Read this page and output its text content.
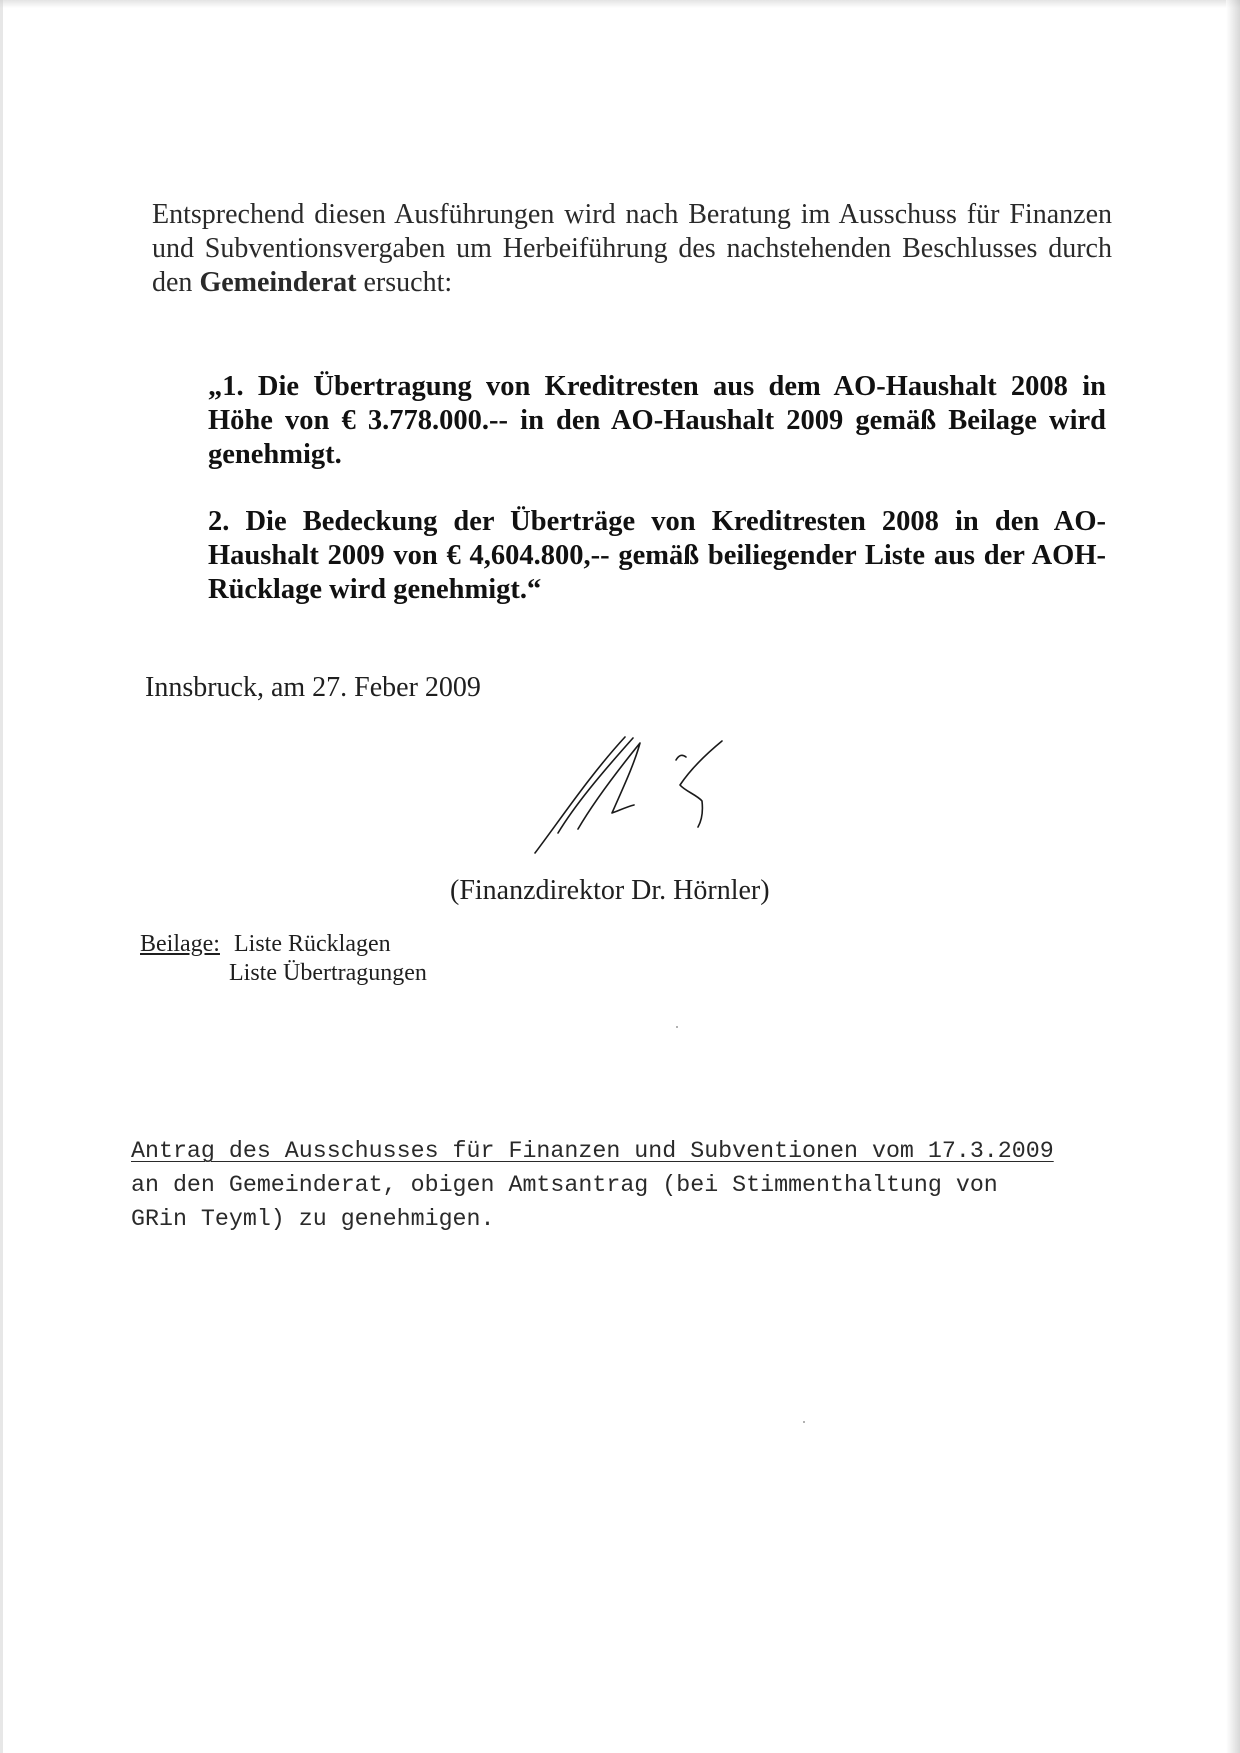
Entsprechend diesen Ausführungen wird nach Beratung im Ausschuss für Finanzen und Subventionsvergaben um Herbeiführung des nachstehenden Beschlusses durch den Gemeinderat ersucht:

„1. Die Übertragung von Kreditresten aus dem AO-Haushalt 2008 in Höhe von € 3.778.000.-- in den AO-Haushalt 2009 gemäß Beilage wird genehmigt.

2. Die Bedeckung der Überträge von Kreditresten 2008 in den AO-Haushalt 2009 von € 4,604.800,-- gemäß beiliegender Liste aus der AOH-Rücklage wird genehmigt.“

Innsbruck, am 27. Feber 2009
(Finanzdirektor Dr. Hörnler)
Beilage: Liste Rücklagen
Liste Übertragungen
Antrag des Ausschusses für Finanzen und Subventionen vom 17.3.2009
an den Gemeinderat, obigen Amtsantrag (bei Stimmenthaltung von
GRin Teyml) zu genehmigen.
